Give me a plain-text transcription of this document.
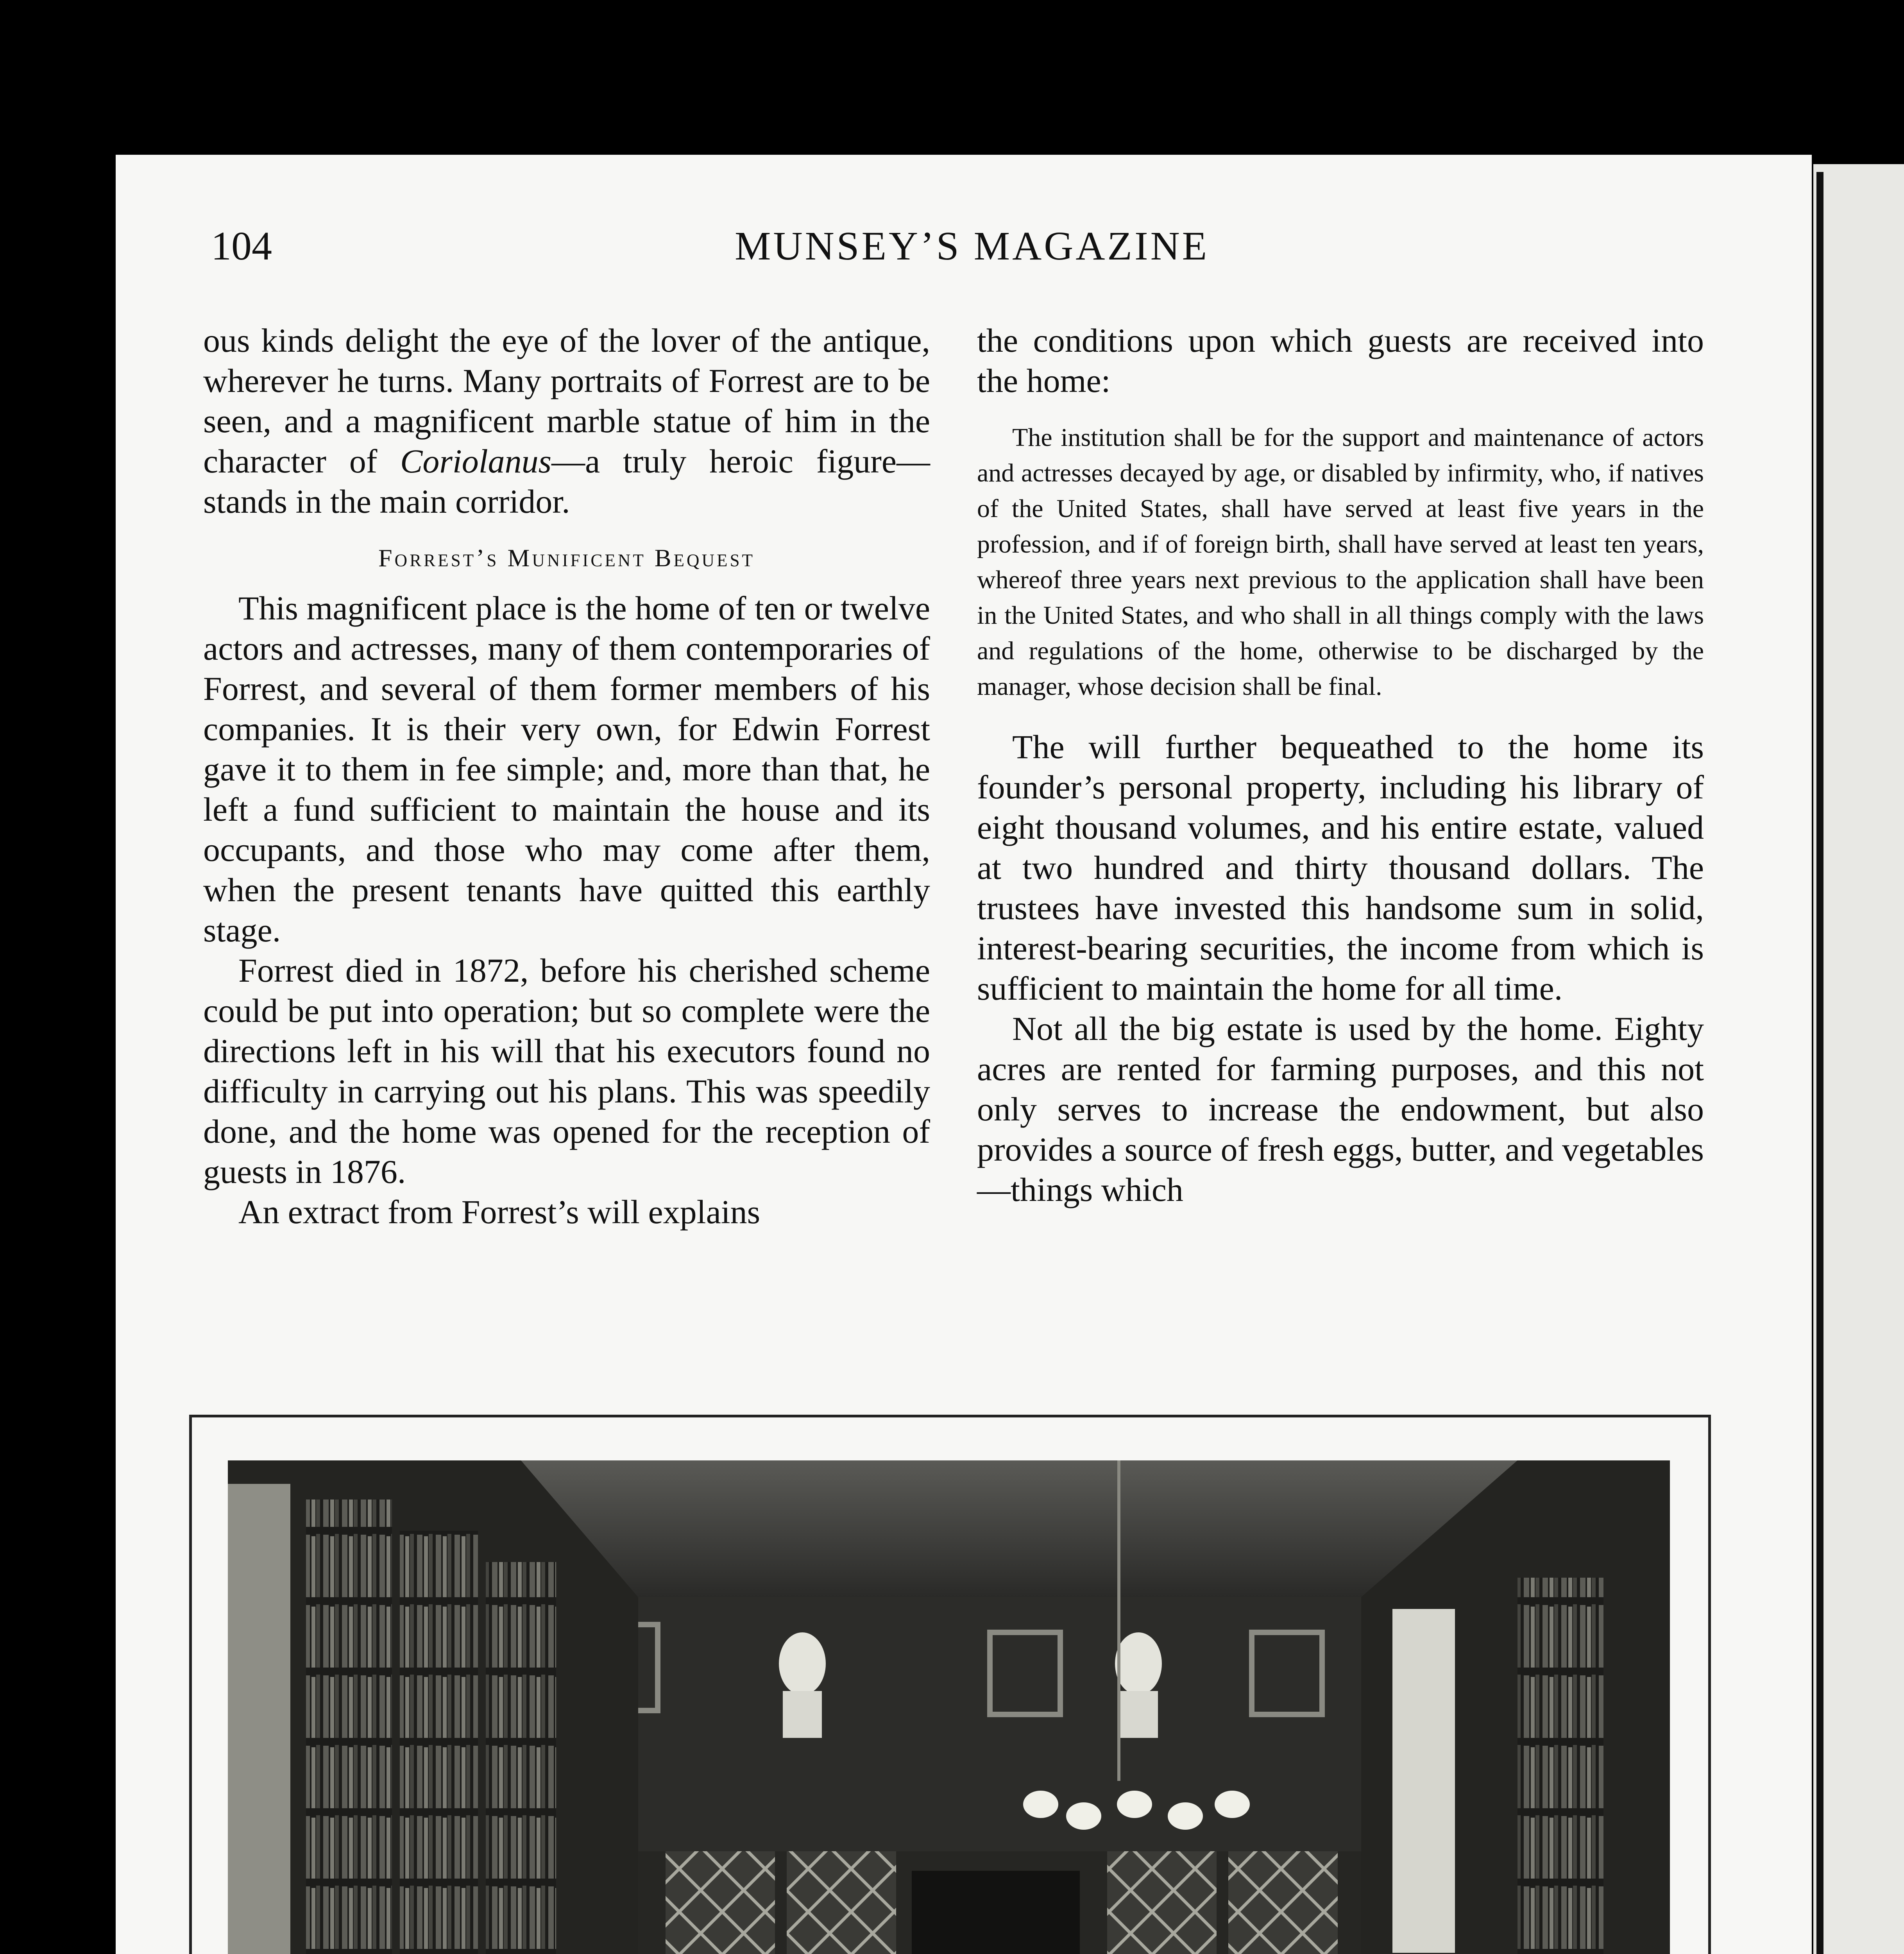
104	MUNSEY’S MAGAZINE

ous kinds delight the eye of the lover of the antique, wherever he turns. Many portraits of Forrest are to be seen, and a magnificent marble statue of him in the character of Coriolanus—a truly heroic figure—stands in the main corridor.

Forrest’s Munificent Bequest

This magnificent place is the home of ten or twelve actors and actresses, many of them contemporaries of Forrest, and several of them former members of his companies. It is their very own, for Edwin Forrest gave it to them in fee simple; and, more than that, he left a fund sufficient to maintain the house and its occupants, and those who may come after them, when the present tenants have quitted this earthly stage.

Forrest died in 1872, before his cherished scheme could be put into operation; but so complete were the directions left in his will that his executors found no difficulty in carrying out his plans. This was speedily done, and the home was opened for the reception of guests in 1876.

An extract from Forrest’s will explains

the conditions upon which guests are received into the home:

The institution shall be for the support and maintenance of actors and actresses decayed by age, or disabled by infirmity, who, if natives of the United States, shall have served at least five years in the profession, and if of foreign birth, shall have served at least ten years, whereof three years next previous to the application shall have been in the United States, and who shall in all things comply with the laws and regulations of the home, otherwise to be discharged by the manager, whose decision shall be final.

The will further bequeathed to the home its founder’s personal property, including his library of eight thousand volumes, and his entire estate, valued at two hundred and thirty thousand dollars. The trustees have invested this handsome sum in solid, interest-bearing securities, the income from which is sufficient to maintain the home for all time.

Not all the big estate is used by the home. Eighty acres are rented for farming purposes, and this not only serves to increase the endowment, but also provides a source of fresh eggs, butter, and vegetables—things which
